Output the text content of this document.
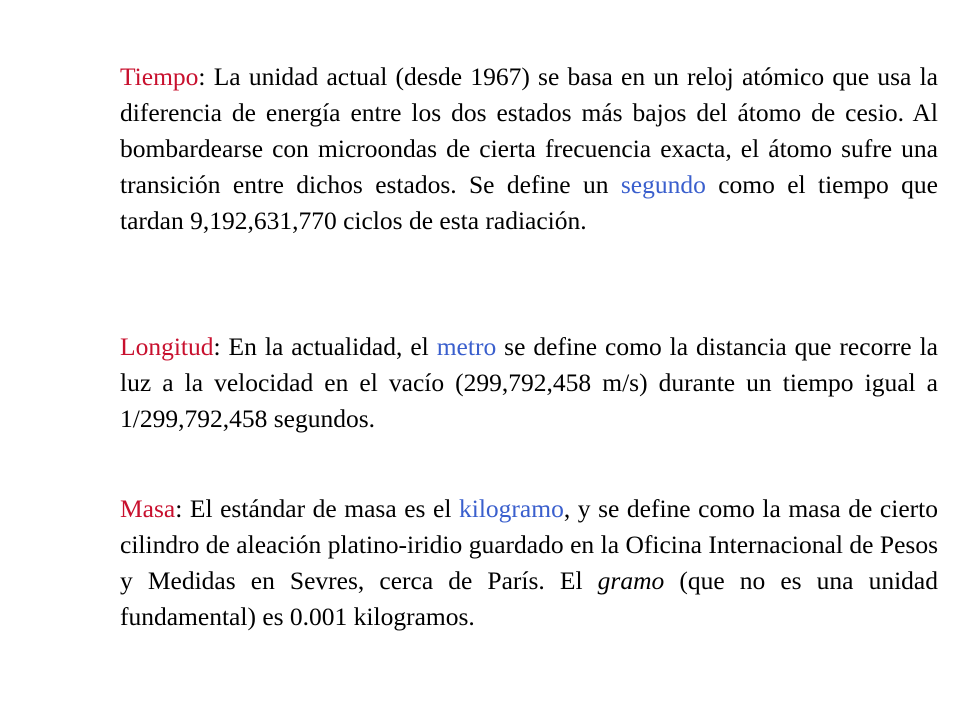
Tiempo: La unidad actual (desde 1967) se basa en un reloj atómico que usa la diferencia de energía entre los dos estados más bajos del átomo de cesio. Al bombardearse con microondas de cierta frecuencia exacta, el átomo sufre una transición entre dichos estados. Se define un segundo como el tiempo que tardan 9,192,631,770 ciclos de esta radiación.

Longitud: En la actualidad, el metro se define como la distancia que recorre la luz a la velocidad en el vacío (299,792,458 m/s) durante un tiempo igual a 1/299,792,458 segundos.

Masa: El estándar de masa es el kilogramo, y se define como la masa de cierto cilindro de aleación platino-iridio guardado en la Oficina Internacional de Pesos y Medidas en Sevres, cerca de París. El gramo (que no es una unidad fundamental) es 0.001 kilogramos.
